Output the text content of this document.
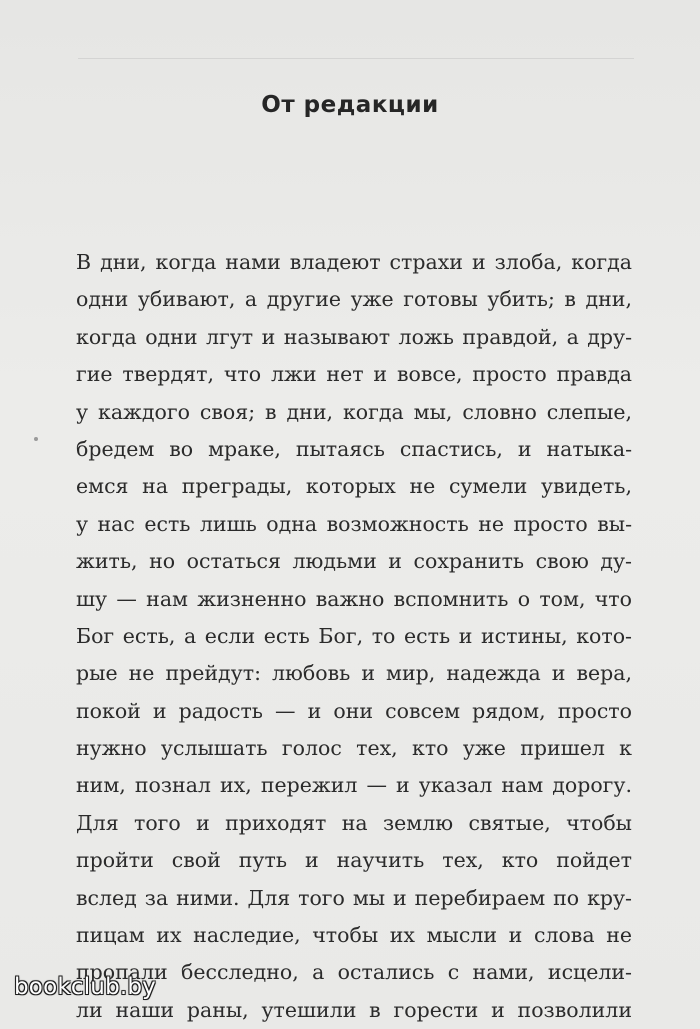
От редакции
В дни, когда нами владеют страхи и злоба, когда
одни убивают, а другие уже готовы убить; в дни,
когда одни лгут и называют ложь правдой, а дру-
гие твердят, что лжи нет и вовсе, просто правда
у каждого своя; в дни, когда мы, словно слепые,
бредем во мраке, пытаясь спастись, и натыка-
емся на преграды, которых не сумели увидеть,
у нас есть лишь одна возможность не просто вы-
жить, но остаться людьми и сохранить свою ду-
шу — нам жизненно важно вспомнить о том, что
Бог есть, а если есть Бог, то есть и истины, кото-
рые не прейдут: любовь и мир, надежда и вера,
покой и радость — и они совсем рядом, просто
нужно услышать голос тех, кто уже пришел к
ним, познал их, пережил — и указал нам дорогу.
Для того и приходят на землю святые, чтобы
пройти свой путь и научить тех, кто пойдет
вслед за ними. Для того мы и перебираем по кру-
пицам их наследие, чтобы их мысли и слова не
пропали бесследно, а остались с нами, исцели-
ли наши раны, утешили в горести и позволили
bookclub.by
